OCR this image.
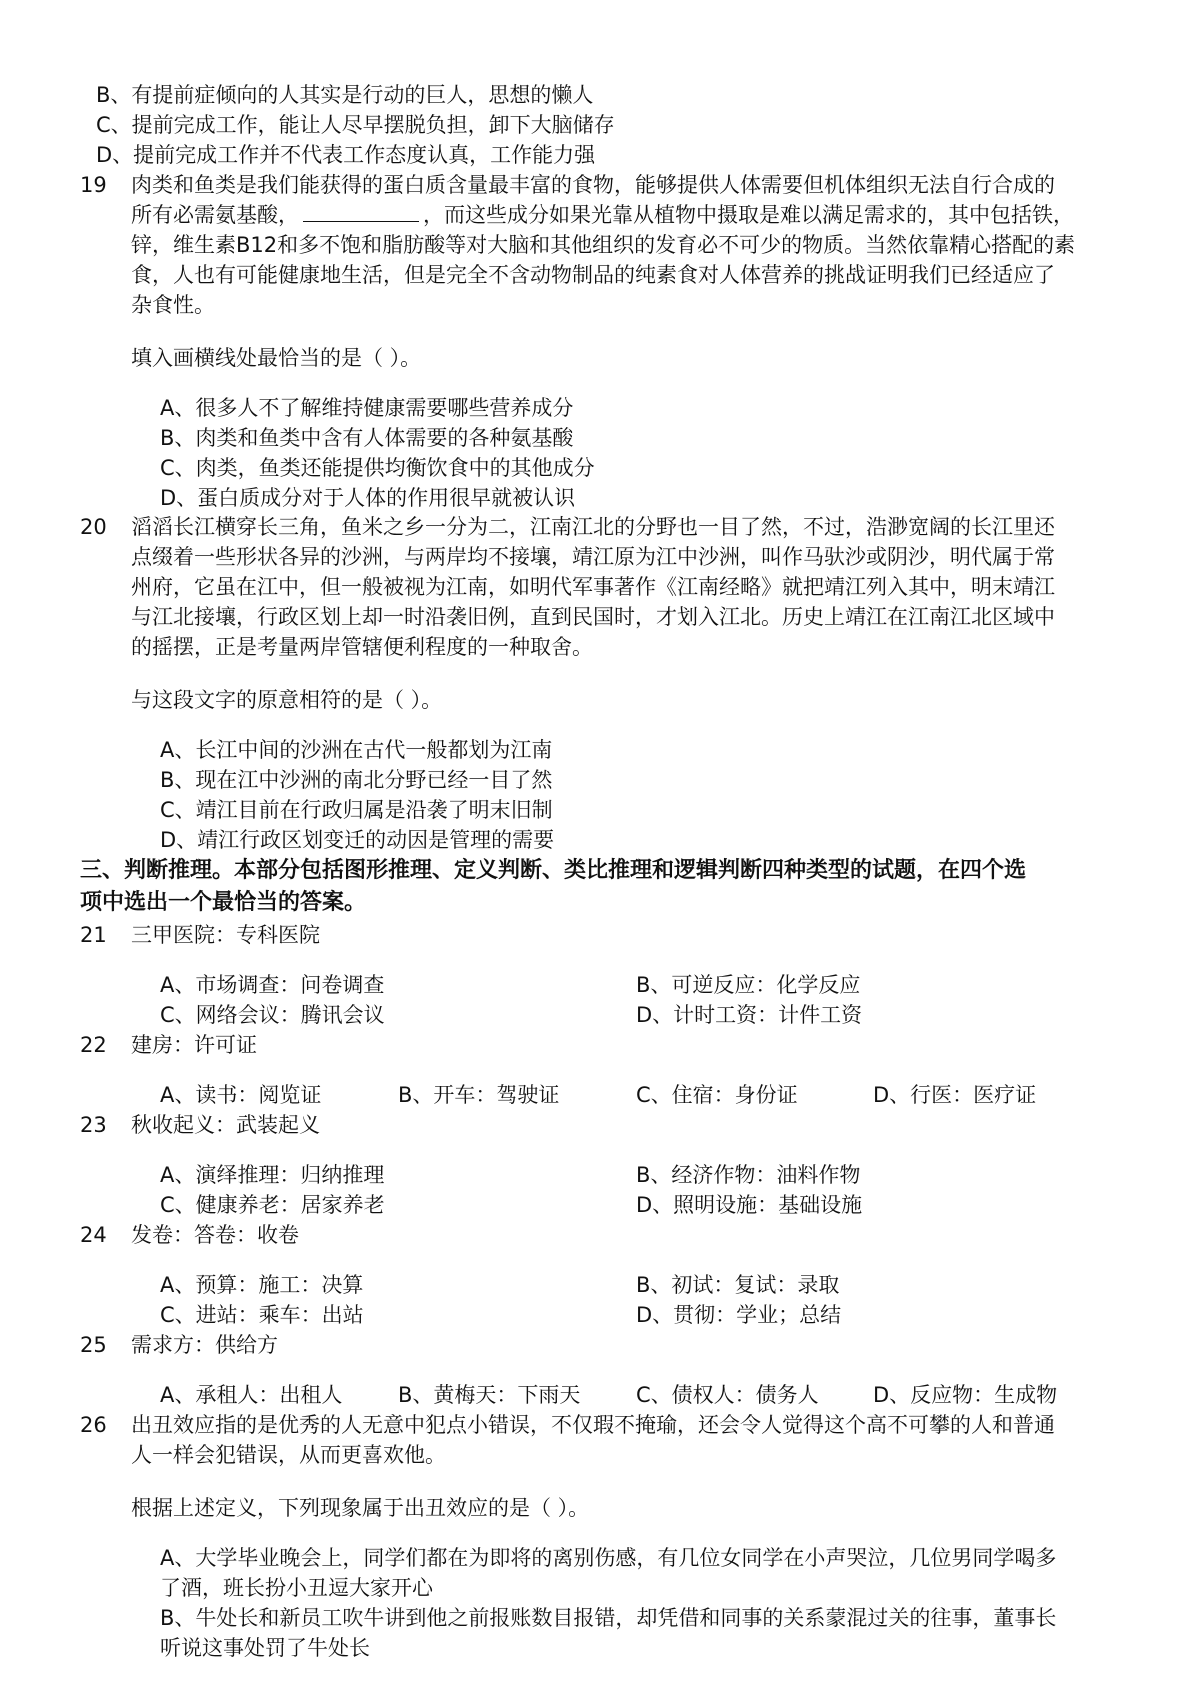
B、有提前症倾向的人其实是行动的巨人，思想的懒人
C、提前完成工作，能让人尽早摆脱负担，卸下大脑储存
D、提前完成工作并不代表工作态度认真，工作能力强
19 肉类和鱼类是我们能获得的蛋白质含量最丰富的食物，能够提供人体需要但机体组织无法自行合成的
所有必需氨基酸，	，而这些成分如果光靠从植物中摄取是难以满足需求的，其中包括铁，
锌，维生素B12和多不饱和脂肪酸等对大脑和其他组织的发育必不可少的物质。当然依靠精心搭配的素
食，人也有可能健康地生活，但是完全不含动物制品的纯素食对人体营养的挑战证明我们已经适应了
杂食性。
填入画横线处最恰当的是（ ）。
A、很多人不了解维持健康需要哪些营养成分
B、肉类和鱼类中含有人体需要的各种氨基酸
C、肉类，鱼类还能提供均衡饮食中的其他成分
D、蛋白质成分对于人体的作用很早就被认识
20 滔滔长江横穿长三角，鱼米之乡一分为二，江南江北的分野也一目了然，不过，浩渺宽阔的长江里还
点缀着一些形状各异的沙洲，与两岸均不接壤，靖江原为江中沙洲，叫作马驮沙或阴沙，明代属于常
州府，它虽在江中，但一般被视为江南，如明代军事著作《江南经略》就把靖江列入其中，明末靖江
与江北接壤，行政区划上却一时沿袭旧例，直到民国时，才划入江北。历史上靖江在江南江北区域中
的摇摆，正是考量两岸管辖便利程度的一种取舍。
与这段文字的原意相符的是（ ）。
A、长江中间的沙洲在古代一般都划为江南
B、现在江中沙洲的南北分野已经一目了然
C、靖江目前在行政归属是沿袭了明末旧制
D、靖江行政区划变迁的动因是管理的需要
三、判断推理。本部分包括图形推理、定义判断、类比推理和逻辑判断四种类型的试题，在四个选
项中选出一个最恰当的答案。
21 三甲医院：专科医院
A、市场调查：问卷调查	B、可逆反应：化学反应
C、网络会议：腾讯会议	D、计时工资：计件工资
22 建房：许可证
A、读书：阅览证	B、开车：驾驶证	C、住宿：身份证	D、行医：医疗证
23 秋收起义：武装起义
A、演绎推理：归纳推理	B、经济作物：油料作物
C、健康养老：居家养老	D、照明设施：基础设施
24 发卷：答卷：收卷
A、预算：施工：决算	B、初试：复试：录取
C、进站：乘车：出站	D、贯彻：学业；总结
25 需求方：供给方
A、承租人：出租人	B、黄梅天：下雨天	C、债权人：债务人	D、反应物：生成物
26 出丑效应指的是优秀的人无意中犯点小错误，不仅瑕不掩瑜，还会令人觉得这个高不可攀的人和普通
人一样会犯错误，从而更喜欢他。
根据上述定义，下列现象属于出丑效应的是（ ）。
A、大学毕业晚会上，同学们都在为即将的离别伤感，有几位女同学在小声哭泣，几位男同学喝多
了酒，班长扮小丑逗大家开心
B、牛处长和新员工吹牛讲到他之前报账数目报错，却凭借和同事的关系蒙混过关的往事，董事长
听说这事处罚了牛处长
